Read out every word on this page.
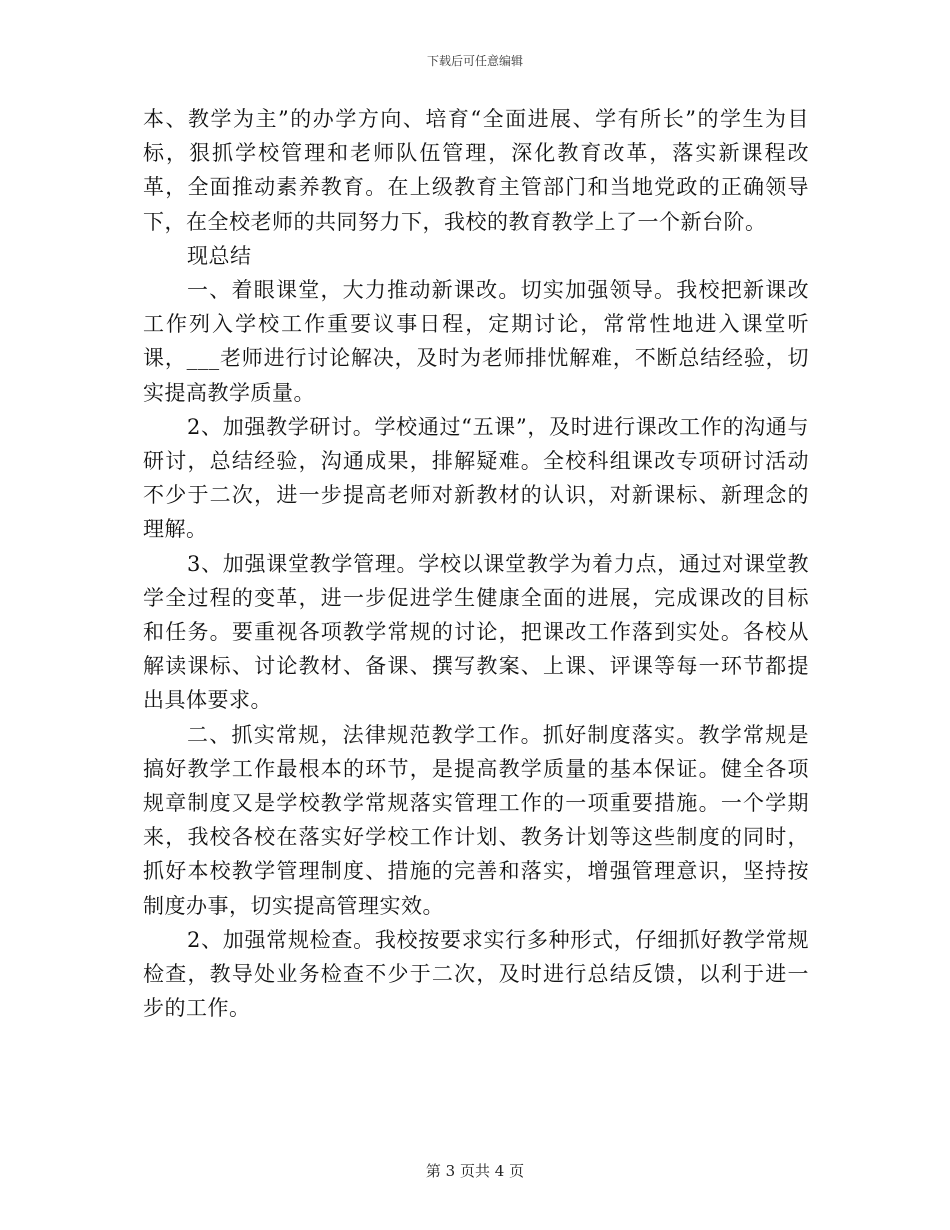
下载后可任意编辑

本、教学为主”的办学方向、培育“全面进展、学有所长”的学生为目标，狠抓学校管理和老师队伍管理，深化教育改革，落实新课程改革，全面推动素养教育。在上级教育主管部门和当地党政的正确领导下，在全校老师的共同努力下，我校的教育教学上了一个新台阶。

现总结

一、着眼课堂，大力推动新课改。切实加强领导。我校把新课改工作列入学校工作重要议事日程，定期讨论，常常性地进入课堂听课，___老师进行讨论解决，及时为老师排忧解难，不断总结经验，切实提高教学质量。

2、加强教学研讨。学校通过“五课”，及时进行课改工作的沟通与研讨，总结经验，沟通成果，排解疑难。全校科组课改专项研讨活动不少于二次，进一步提高老师对新教材的认识，对新课标、新理念的理解。

3、加强课堂教学管理。学校以课堂教学为着力点，通过对课堂教学全过程的变革，进一步促进学生健康全面的进展，完成课改的目标和任务。要重视各项教学常规的讨论，把课改工作落到实处。各校从解读课标、讨论教材、备课、撰写教案、上课、评课等每一环节都提出具体要求。

二、抓实常规，法律规范教学工作。抓好制度落实。教学常规是搞好教学工作最根本的环节，是提高教学质量的基本保证。健全各项规章制度又是学校教学常规落实管理工作的一项重要措施。一个学期来，我校各校在落实好学校工作计划、教务计划等这些制度的同时，抓好本校教学管理制度、措施的完善和落实，增强管理意识，坚持按制度办事，切实提高管理实效。

2、加强常规检查。我校按要求实行多种形式，仔细抓好教学常规检查，教导处业务检查不少于二次，及时进行总结反馈，以利于进一步的工作。

第 3 页共 4 页
